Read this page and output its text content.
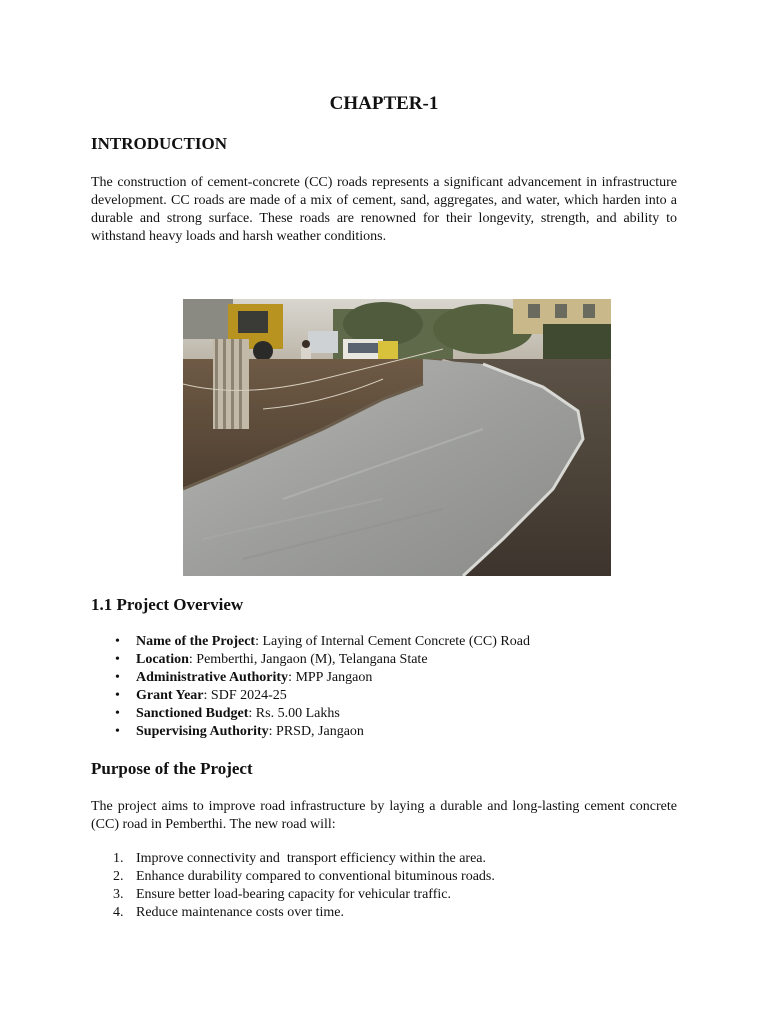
CHAPTER-1
INTRODUCTION

The construction of cement-concrete (CC) roads represents a significant advancement in infrastructure development. CC roads are made of a mix of cement, sand, aggregates, and water, which harden into a durable and strong surface. These roads are renowned for their longevity, strength, and ability to withstand heavy loads and harsh weather conditions.

1.1 Project Overview
• Name of the Project: Laying of Internal Cement Concrete (CC) Road
• Location: Pemberthi, Jangaon (M), Telangana State
• Administrative Authority: MPP Jangaon
• Grant Year: SDF 2024-25
• Sanctioned Budget: Rs. 5.00 Lakhs
• Supervising Authority: PRSD, Jangaon
Purpose of the Project

The project aims to improve road infrastructure by laying a durable and long-lasting cement concrete (CC) road in Pemberthi. The new road will:

1. Improve connectivity and  transport efficiency within the area.
2. Enhance durability compared to conventional bituminous roads.
3. Ensure better load-bearing capacity for vehicular traffic.
4. Reduce maintenance costs over time.
